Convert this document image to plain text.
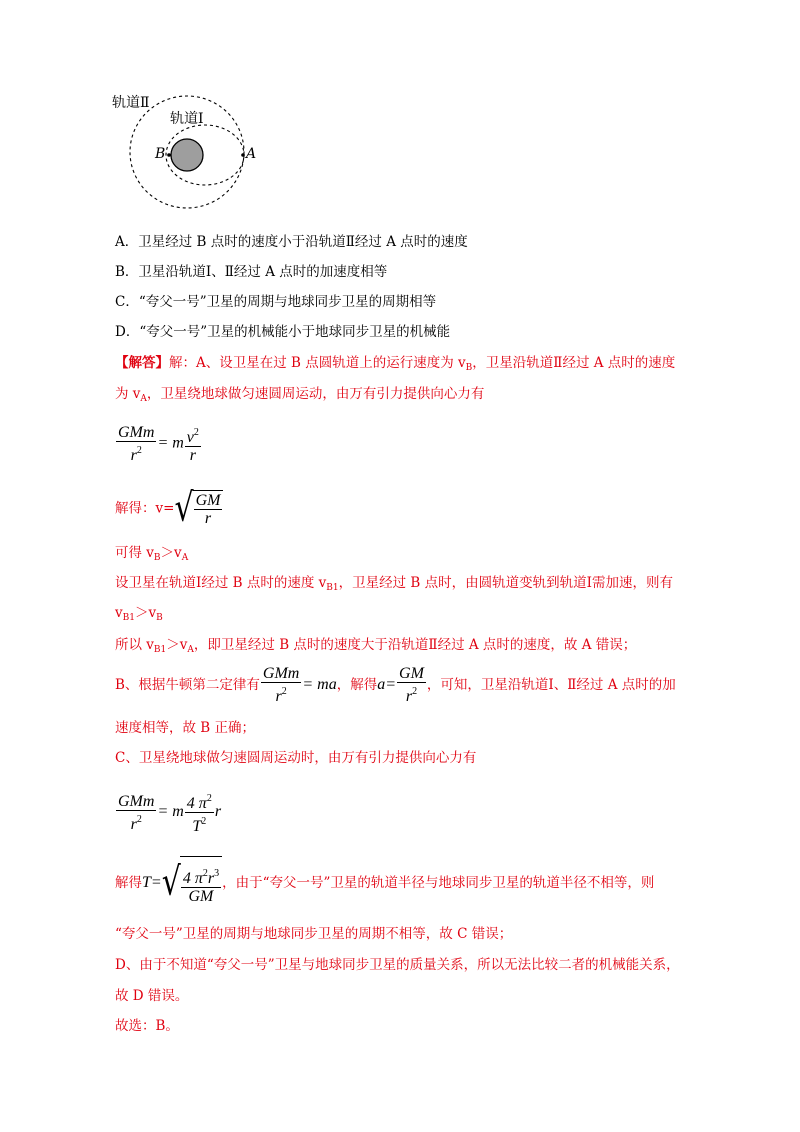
轨道Ⅱ
轨道Ⅰ
B	A
A．卫星经过 B 点时的速度小于沿轨道Ⅱ经过 A 点时的速度
B．卫星沿轨道Ⅰ、Ⅱ经过 A 点时的加速度相等
C．“夸父一号”卫星的周期与地球同步卫星的周期相等
D．“夸父一号”卫星的机械能小于地球同步卫星的机械能
【解答】解：A、设卫星在过 B 点圆轨道上的运行速度为 $v_B$，卫星沿轨道Ⅱ经过 A 点时的速度
为 $v_A$，卫星绕地球做匀速圆周运动，由万有引力提供向心力有
$\frac{\text{GMm}}{r^2} = m \frac{v^2}{r}$
解得：v= √ $\frac{GM}{r}$
可得 $v_B>v_A$
设卫星在轨道Ⅰ经过 B 点时的速度 $v_{B1}$，卫星经过 B 点时，由圆轨道变轨到轨道Ⅰ需加速，则有
$v_{B1}>v_B$
所以 $v_{B1}>v_A$，即卫星经过 B 点时的速度大于沿轨道Ⅱ经过 A 点时的速度，故 A 错误；
B、根据牛顿第二定律有 $\frac{\text{GMm}}{r^2}$ = ma，解得$a= \frac{GM}{r^2}$ ，可知，卫星沿轨道Ⅰ、Ⅱ经过 A 点时的加
速度相等，故 B 正确；
C、卫星绕地球做匀速圆周运动时，由万有引力提供向心力有
$\frac{\text{GMm}}{r^2} = m \frac{4 \pi^2}{T^2}$ r
解得T= √ $\frac{4 \pi^2r^3}{GM}$ ，由于“夸父一号”卫星的轨道半径与地球同步卫星的轨道半径不相等，则
“夸父一号”卫星的周期与地球同步卫星的周期不相等，故 C 错误；
D、由于不知道“夸父一号”卫星与地球同步卫星的质量关系，所以无法比较二者的机械能关系，
故 D 错误。
故选：B。
